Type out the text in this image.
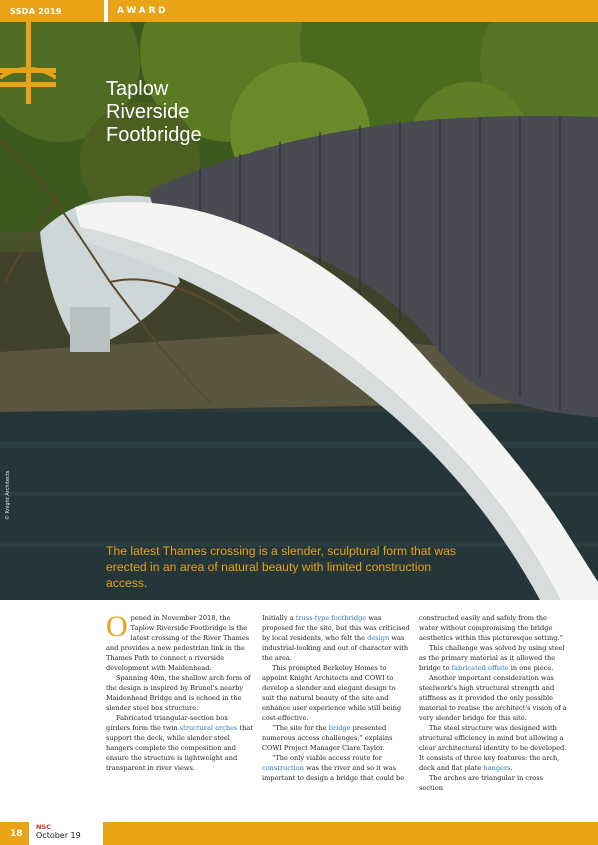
SSDA 2019	AWARD
Taplow
Riverside
Footbridge
© Knight Architects
The latest Thames crossing is a slender, sculptural form that was erected in an area of natural beauty with limited construction access.

Opened in November 2018, the Taplow Riverside Footbridge is the latest crossing of the River Thames and provides a new pedestrian link in the Thames Path to connect a riverside development with Maidenhead.

Spanning 40m, the shallow arch form of the design is inspired by Brunel's nearby Maidenhead Bridge and is echoed in the slender steel box structure.

Fabricated triangular-section box girders form the twin structural arches that support the deck, while slender steel hangers complete the composition and ensure the structure is lightweight and transparent in river views.

Initially a truss-type footbridge was proposed for the site, but this was criticised by local residents, who felt the design was industrial-looking and out of character with the area.

This prompted Berkeley Homes to appoint Knight Architects and COWI to develop a slender and elegant design to suit the natural beauty of the site and enhance user experience while still being cost-effective.

“The site for the bridge presented numerous access challenges,” explains COWI Project Manager Clare Taylor.

“The only viable access route for construction was the river and so it was important to design a bridge that could be

constructed easily and safely from the water without compromising the bridge aesthetics within this picturesque setting.”

This challenge was solved by using steel as the primary material as it allowed the bridge to fabricated offsite in one piece.

Another important consideration was steelwork's high structural strength and stiffness as it provided the only possible material to realise the architect's vision of a very slender bridge for this site.

The steel structure was designed with structural efficiency in mind but allowing a clear architectural identity to be developed. It consists of three key features: the arch, deck and flat plate hangers.

The arches are triangular in cross section

18
NSC
October 19
